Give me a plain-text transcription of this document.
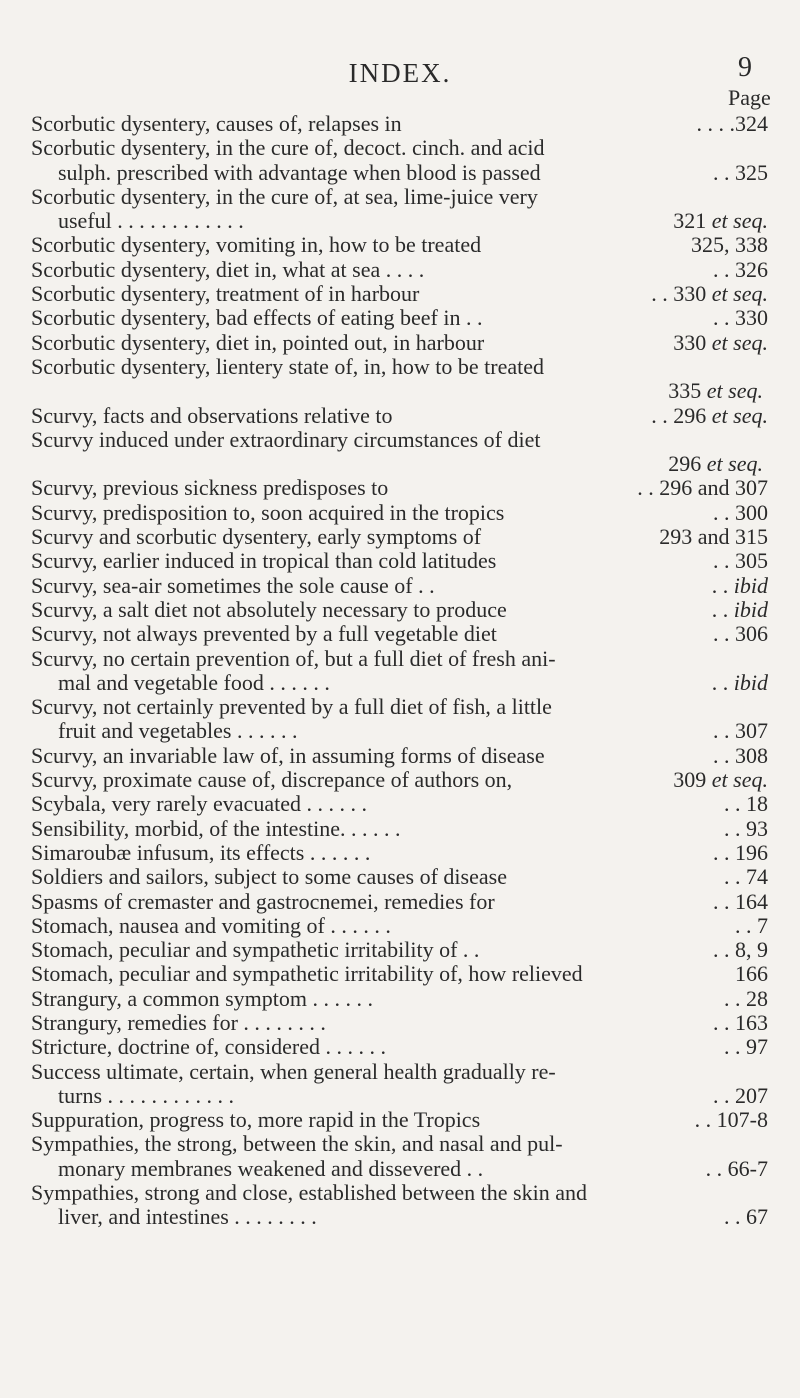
INDEX.	9
Page
Scorbutic dysentery, causes of, relapses in	. . . .324
Scorbutic dysentery, in the cure of, decoct. cinch. and acid
sulph. prescribed with advantage when blood is passed	. . 325
Scorbutic dysentery, in the cure of, at sea, lime-juice very
useful . . . . . . . . . . . .	321 et seq.
Scorbutic dysentery, vomiting in, how to be treated	325, 338
Scorbutic dysentery, diet in, what at sea . . . .	. . 326
Scorbutic dysentery, treatment of in harbour	. . 330 et seq.
Scorbutic dysentery, bad effects of eating beef in . .	. . 330
Scorbutic dysentery, diet in, pointed out, in harbour	330 et seq.
Scorbutic dysentery, lientery state of, in, how to be treated
335 et seq.
Scurvy, facts and observations relative to	. . 296 et seq.
Scurvy induced under extraordinary circumstances of diet
296 et seq.
Scurvy, previous sickness predisposes to	. . 296 and 307
Scurvy, predisposition to, soon acquired in the tropics	. . 300
Scurvy and scorbutic dysentery, early symptoms of	293 and 315
Scurvy, earlier induced in tropical than cold latitudes	. . 305
Scurvy, sea-air sometimes the sole cause of . .	. . ibid
Scurvy, a salt diet not absolutely necessary to produce	. . ibid
Scurvy, not always prevented by a full vegetable diet	. . 306
Scurvy, no certain prevention of, but a full diet of fresh ani-
mal and vegetable food . . . . . .	. . ibid
Scurvy, not certainly prevented by a full diet of fish, a little
fruit and vegetables . . . . . .	. . 307
Scurvy, an invariable law of, in assuming forms of disease	. . 308
Scurvy, proximate cause of, discrepance of authors on,	309 et seq.
Scybala, very rarely evacuated . . . . . .	. . 18
Sensibility, morbid, of the intestine. . . . . .	. . 93
Simaroubæ infusum, its effects . . . . . .	. . 196
Soldiers and sailors, subject to some causes of disease	. . 74
Spasms of cremaster and gastrocnemei, remedies for	. . 164
Stomach, nausea and vomiting of . . . . . .	. . 7
Stomach, peculiar and sympathetic irritability of . .	. . 8, 9
Stomach, peculiar and sympathetic irritability of, how relieved	166
Strangury, a common symptom . . . . . .	. . 28
Strangury, remedies for . . . . . . . .	. . 163
Stricture, doctrine of, considered . . . . . .	. . 97
Success ultimate, certain, when general health gradually re-
turns . . . . . . . . . . . .	. . 207
Suppuration, progress to, more rapid in the Tropics	. . 107-8
Sympathies, the strong, between the skin, and nasal and pul-
monary membranes weakened and dissevered . .	. . 66-7
Sympathies, strong and close, established between the skin and
liver, and intestines . . . . . . . .	. . 67
